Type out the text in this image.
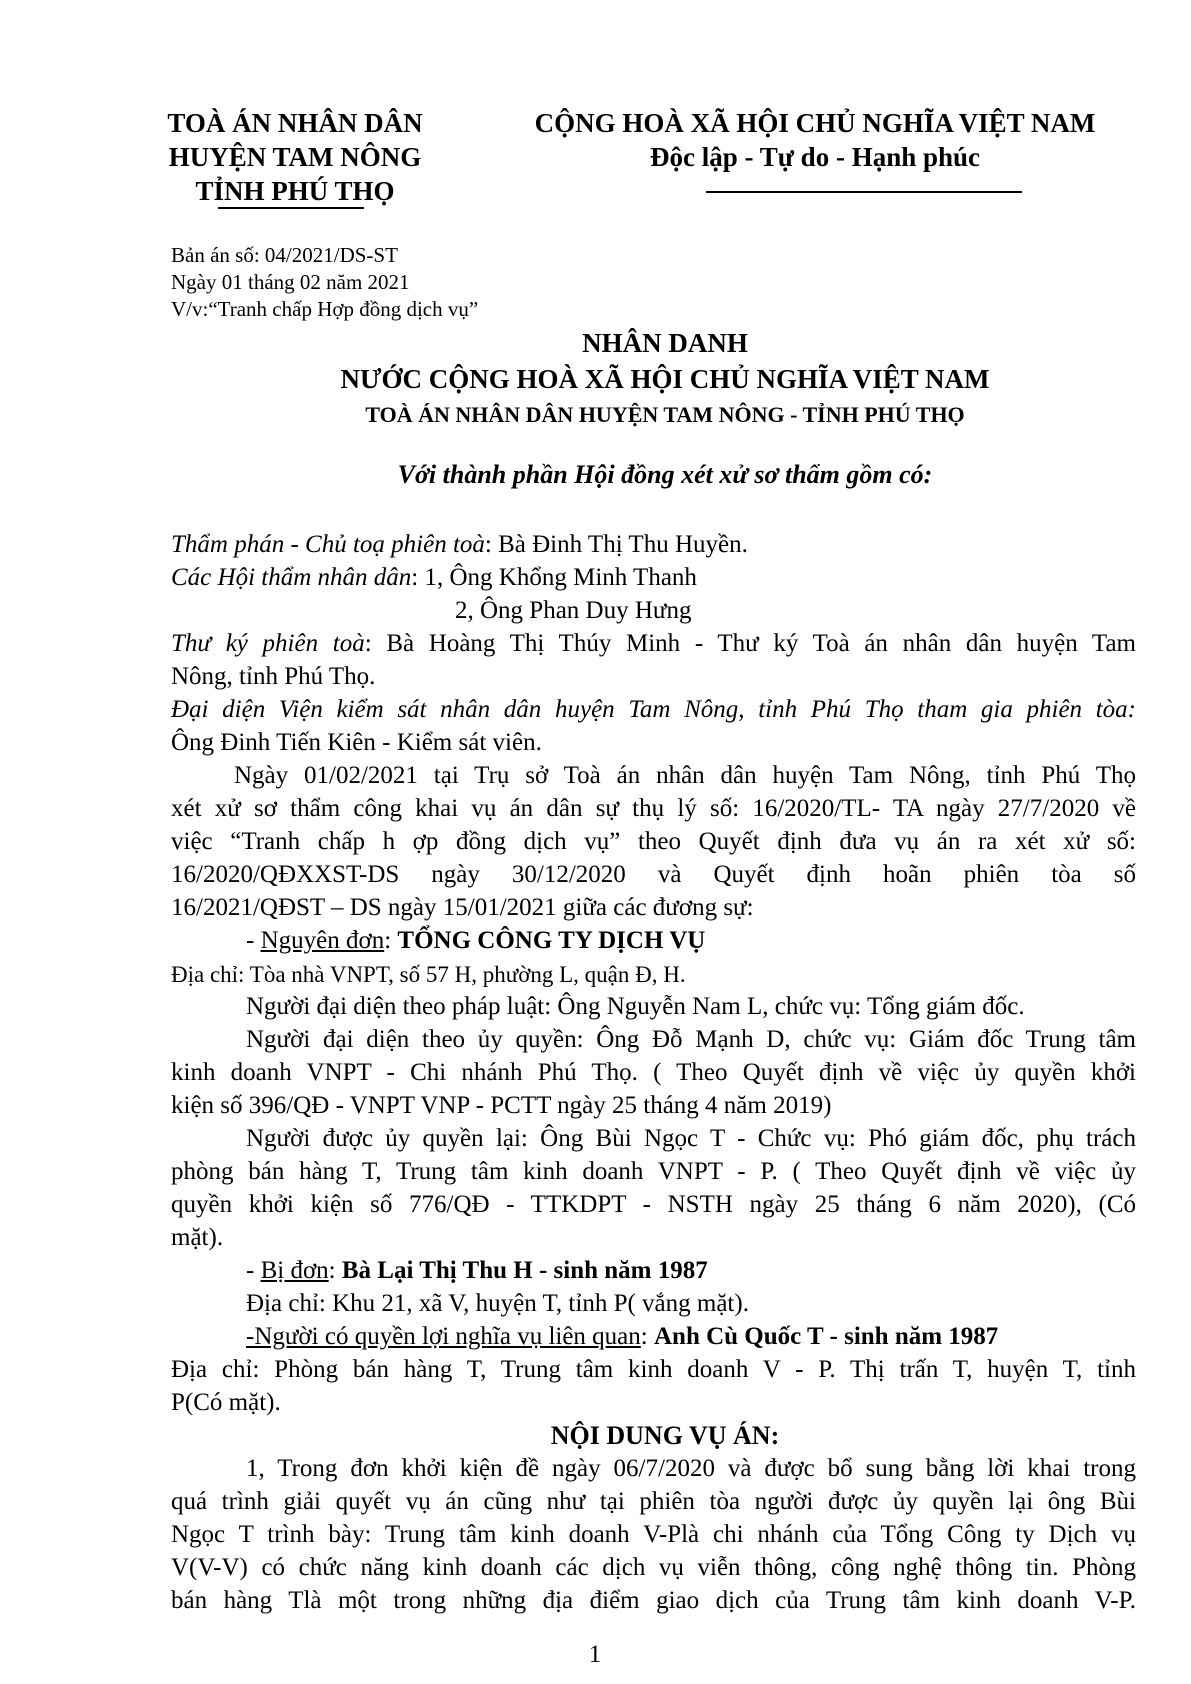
TOÀ ÁN NHÂN DÂN
HUYỆN TAM NÔNG
TỈNH PHÚ THỌ
CỘNG HOÀ XÃ HỘI CHỦ NGHĨA VIỆT NAM
Độc lập - Tự do - Hạnh phúc
Bản án số: 04/2021/DS-ST
Ngày 01 tháng 02 năm 2021
V/v:“Tranh chấp Hợp đồng dịch vụ”
NHÂN DANH
NƯỚC CỘNG HOÀ XÃ HỘI CHỦ NGHĨA VIỆT NAM
TOÀ ÁN NHÂN DÂN HUYỆN TAM NÔNG - TỈNH PHÚ THỌ
Với thành phần Hội đồng xét xử sơ thẩm gồm có:
Thẩm phán - Chủ toạ phiên toà: Bà Đinh Thị Thu Huyền.
Các Hội thẩm nhân dân: 1, Ông Khổng Minh Thanh
2, Ông Phan Duy Hưng
Thư ký phiên toà: Bà Hoàng Thị Thúy Minh - Thư ký Toà án nhân dân huyện Tam
Nông, tỉnh Phú Thọ.
Đại diện Viện kiểm sát nhân dân huyện Tam Nông, tỉnh Phú Thọ tham gia phiên tòa:
Ông Đinh Tiến Kiên - Kiểm sát viên.
Ngày 01/02/2021 tại Trụ sở Toà án nhân dân huyện Tam Nông, tỉnh Phú Thọ
xét xử sơ thẩm công khai vụ án dân sự thụ lý số: 16/2020/TL- TA ngày 27/7/2020 về
việc “Tranh chấp h ợp đồng dịch vụ” theo Quyết định đưa vụ án ra xét xử số:
16/2020/QĐXXST-DS ngày 30/12/2020 và Quyết định hoãn phiên tòa số
16/2021/QĐST – DS ngày 15/01/2021 giữa các đương sự:
- Nguyên đơn: TỔNG CÔNG TY DỊCH VỤ
Địa chỉ: Tòa nhà VNPT, số 57 H, phường L, quận Đ, H.
Người đại diện theo pháp luật: Ông Nguyễn Nam L, chức vụ: Tổng giám đốc.
Người đại diện theo ủy quyền: Ông Đỗ Mạnh D, chức vụ: Giám đốc Trung tâm
kinh doanh VNPT - Chi nhánh Phú Thọ. ( Theo Quyết định về việc ủy quyền khởi
kiện số 396/QĐ - VNPT VNP - PCTT ngày 25 tháng 4 năm 2019)
Người được ủy quyền lại: Ông Bùi Ngọc T - Chức vụ: Phó giám đốc, phụ trách
phòng bán hàng T, Trung tâm kinh doanh VNPT - P. ( Theo Quyết định về việc ủy
quyền khởi kiện số 776/QĐ - TTKDPT - NSTH ngày 25 tháng 6 năm 2020), (Có
mặt).
- Bị đơn: Bà Lại Thị Thu H - sinh năm 1987
Địa chỉ: Khu 21, xã V, huyện T, tỉnh P( vắng mặt).
-Người có quyền lợi nghĩa vụ liên quan: Anh Cù Quốc T - sinh năm 1987
Địa chỉ: Phòng bán hàng T, Trung tâm kinh doanh V - P. Thị trấn T, huyện T, tỉnh
P(Có mặt).
NỘI DUNG VỤ ÁN:
1, Trong đơn khởi kiện đề ngày 06/7/2020 và được bổ sung bằng lời khai trong
quá trình giải quyết vụ án cũng như tại phiên tòa người được ủy quyền lại ông Bùi
Ngọc T trình bày: Trung tâm kinh doanh V-Plà chi nhánh của Tổng Công ty Dịch vụ
V(V-V) có chức năng kinh doanh các dịch vụ viễn thông, công nghệ thông tin. Phòng
bán hàng Tlà một trong những địa điểm giao dịch của Trung tâm kinh doanh V-P.
1
